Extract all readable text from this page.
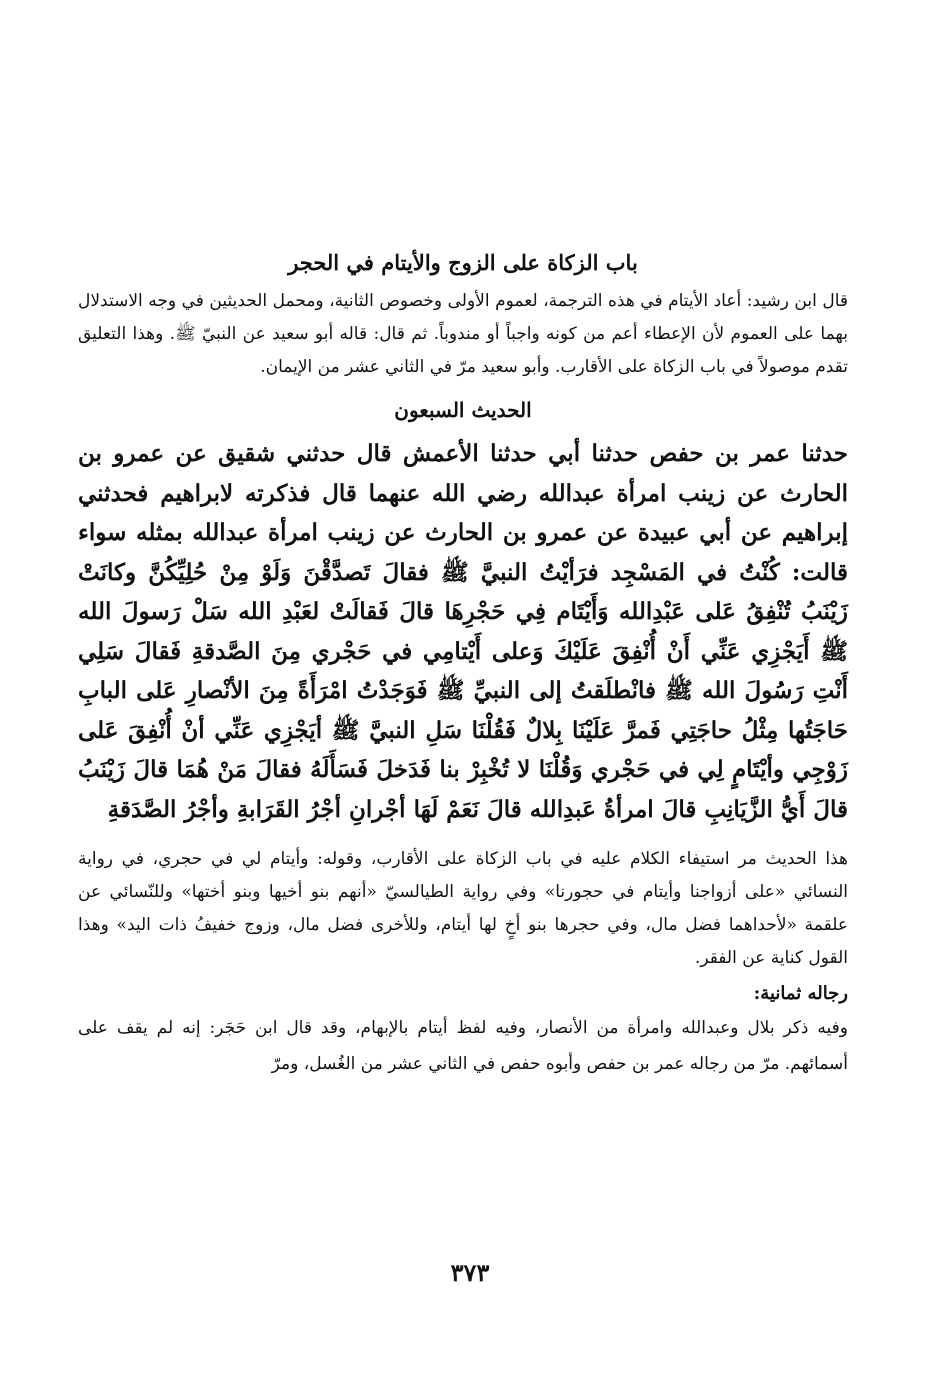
باب الزكاة على الزوج والأيتام في الحجر

قال ابن رشيد: أعاد الأيتام في هذه الترجمة، لعموم الأولى وخصوص الثانية، ومحمل الحديثين في وجه الاستدلال بهما على العموم لأن الإعطاء أعم من كونه واجباً أو مندوباً. ثم قال: قاله أبو سعيد عن النبيّ ﷺ. وهذا التعليق تقدم موصولاً في باب الزكاة على الأقارب. وأبو سعيد مرّ في الثاني عشر من الإيمان.

الحديث السبعون

حدثنا عمر بن حفص حدثنا أبي حدثنا الأعمش قال حدثني شقيق عن عمرو بن الحارث عن زينب امرأة عبدالله رضي الله عنهما قال فذكرته لابراهيم فحدثني إبراهيم عن أبي عبيدة عن عمرو بن الحارث عن زينب امرأة عبدالله بمثله سواء قالت: كُنْتُ في المَسْجِد فرَأيْتُ النبيَّ ﷺ فقالَ تَصدَّقْنَ وَلَوْ مِنْ حُلِيِّكُنَّ وكانَتْ زَيْنَبُ تُنْفِقُ عَلى عَبْدِالله وَأَيْتَام فِي حَجْرِهَا قالَ فَقالَتْ لعَبْدِ الله سَلْ رَسولَ الله ﷺ أَيَجْزِي عَنِّي أَنْ أُنْفِقَ عَلَيْكَ وَعلى أَيْتامِي في حَجْري مِنَ الصَّدقةِ فَقالَ سَلِي أَنْتِ رَسُولَ الله ﷺ فانْطلَقتُ إلى النبيِّ ﷺ فَوَجَدْتُ امْرَأَةً مِنَ الأنْصارِ عَلى البابِ حَاجَتُها مِثْلُ حاجَتِي فَمرَّ عَلَيْنَا بِلالٌ فَقُلْنَا سَلِ النبيَّ ﷺ أيَجْزِي عَنِّي أنْ أُنْفِقَ عَلى زَوْجِي وأيْتَامٍ لِي في حَجْري وَقُلْنَا لا تُخْبِرْ بنا فَدَخلَ فَسَأَلَهُ فقالَ مَنْ هُمَا قالَ زَيْنَبُ قالَ أَيُّ الزَّيَانِبِ قالَ امرأةُ عَبدِالله قالَ نَعَمْ لَهَا أجْرانِ أجْرُ القَرَابةِ وأجْرُ الصَّدَقةِ

هذا الحديث مر استيفاء الكلام عليه في باب الزكاة على الأقارب، وقوله: وأيتام لي في حجري، في رواية النسائي «على أزواجنا وأيتام في حجورنا» وفي رواية الطيالسيّ «أنهم بنو أخيها وبنو أختها» وللنّسائي عن علقمة «لأحداهما فضل مال، وفي حجرها بنو أخٍ لها أيتام، وللأخرى فضل مال، وزوج خفيفُ ذات اليد» وهذا القول كناية عن الفقر.

رجاله ثمانية:

وفيه ذكر بلال وعبدالله وامرأة من الأنصار، وفيه لفظ أيتام بالإبهام، وقد قال ابن حَجَر: إنه لم يقف على أسمائهم. مرّ من رجاله عمر بن حفص وأبوه حفص في الثاني عشر من الغُسل، ومرّ

٣٧٣
